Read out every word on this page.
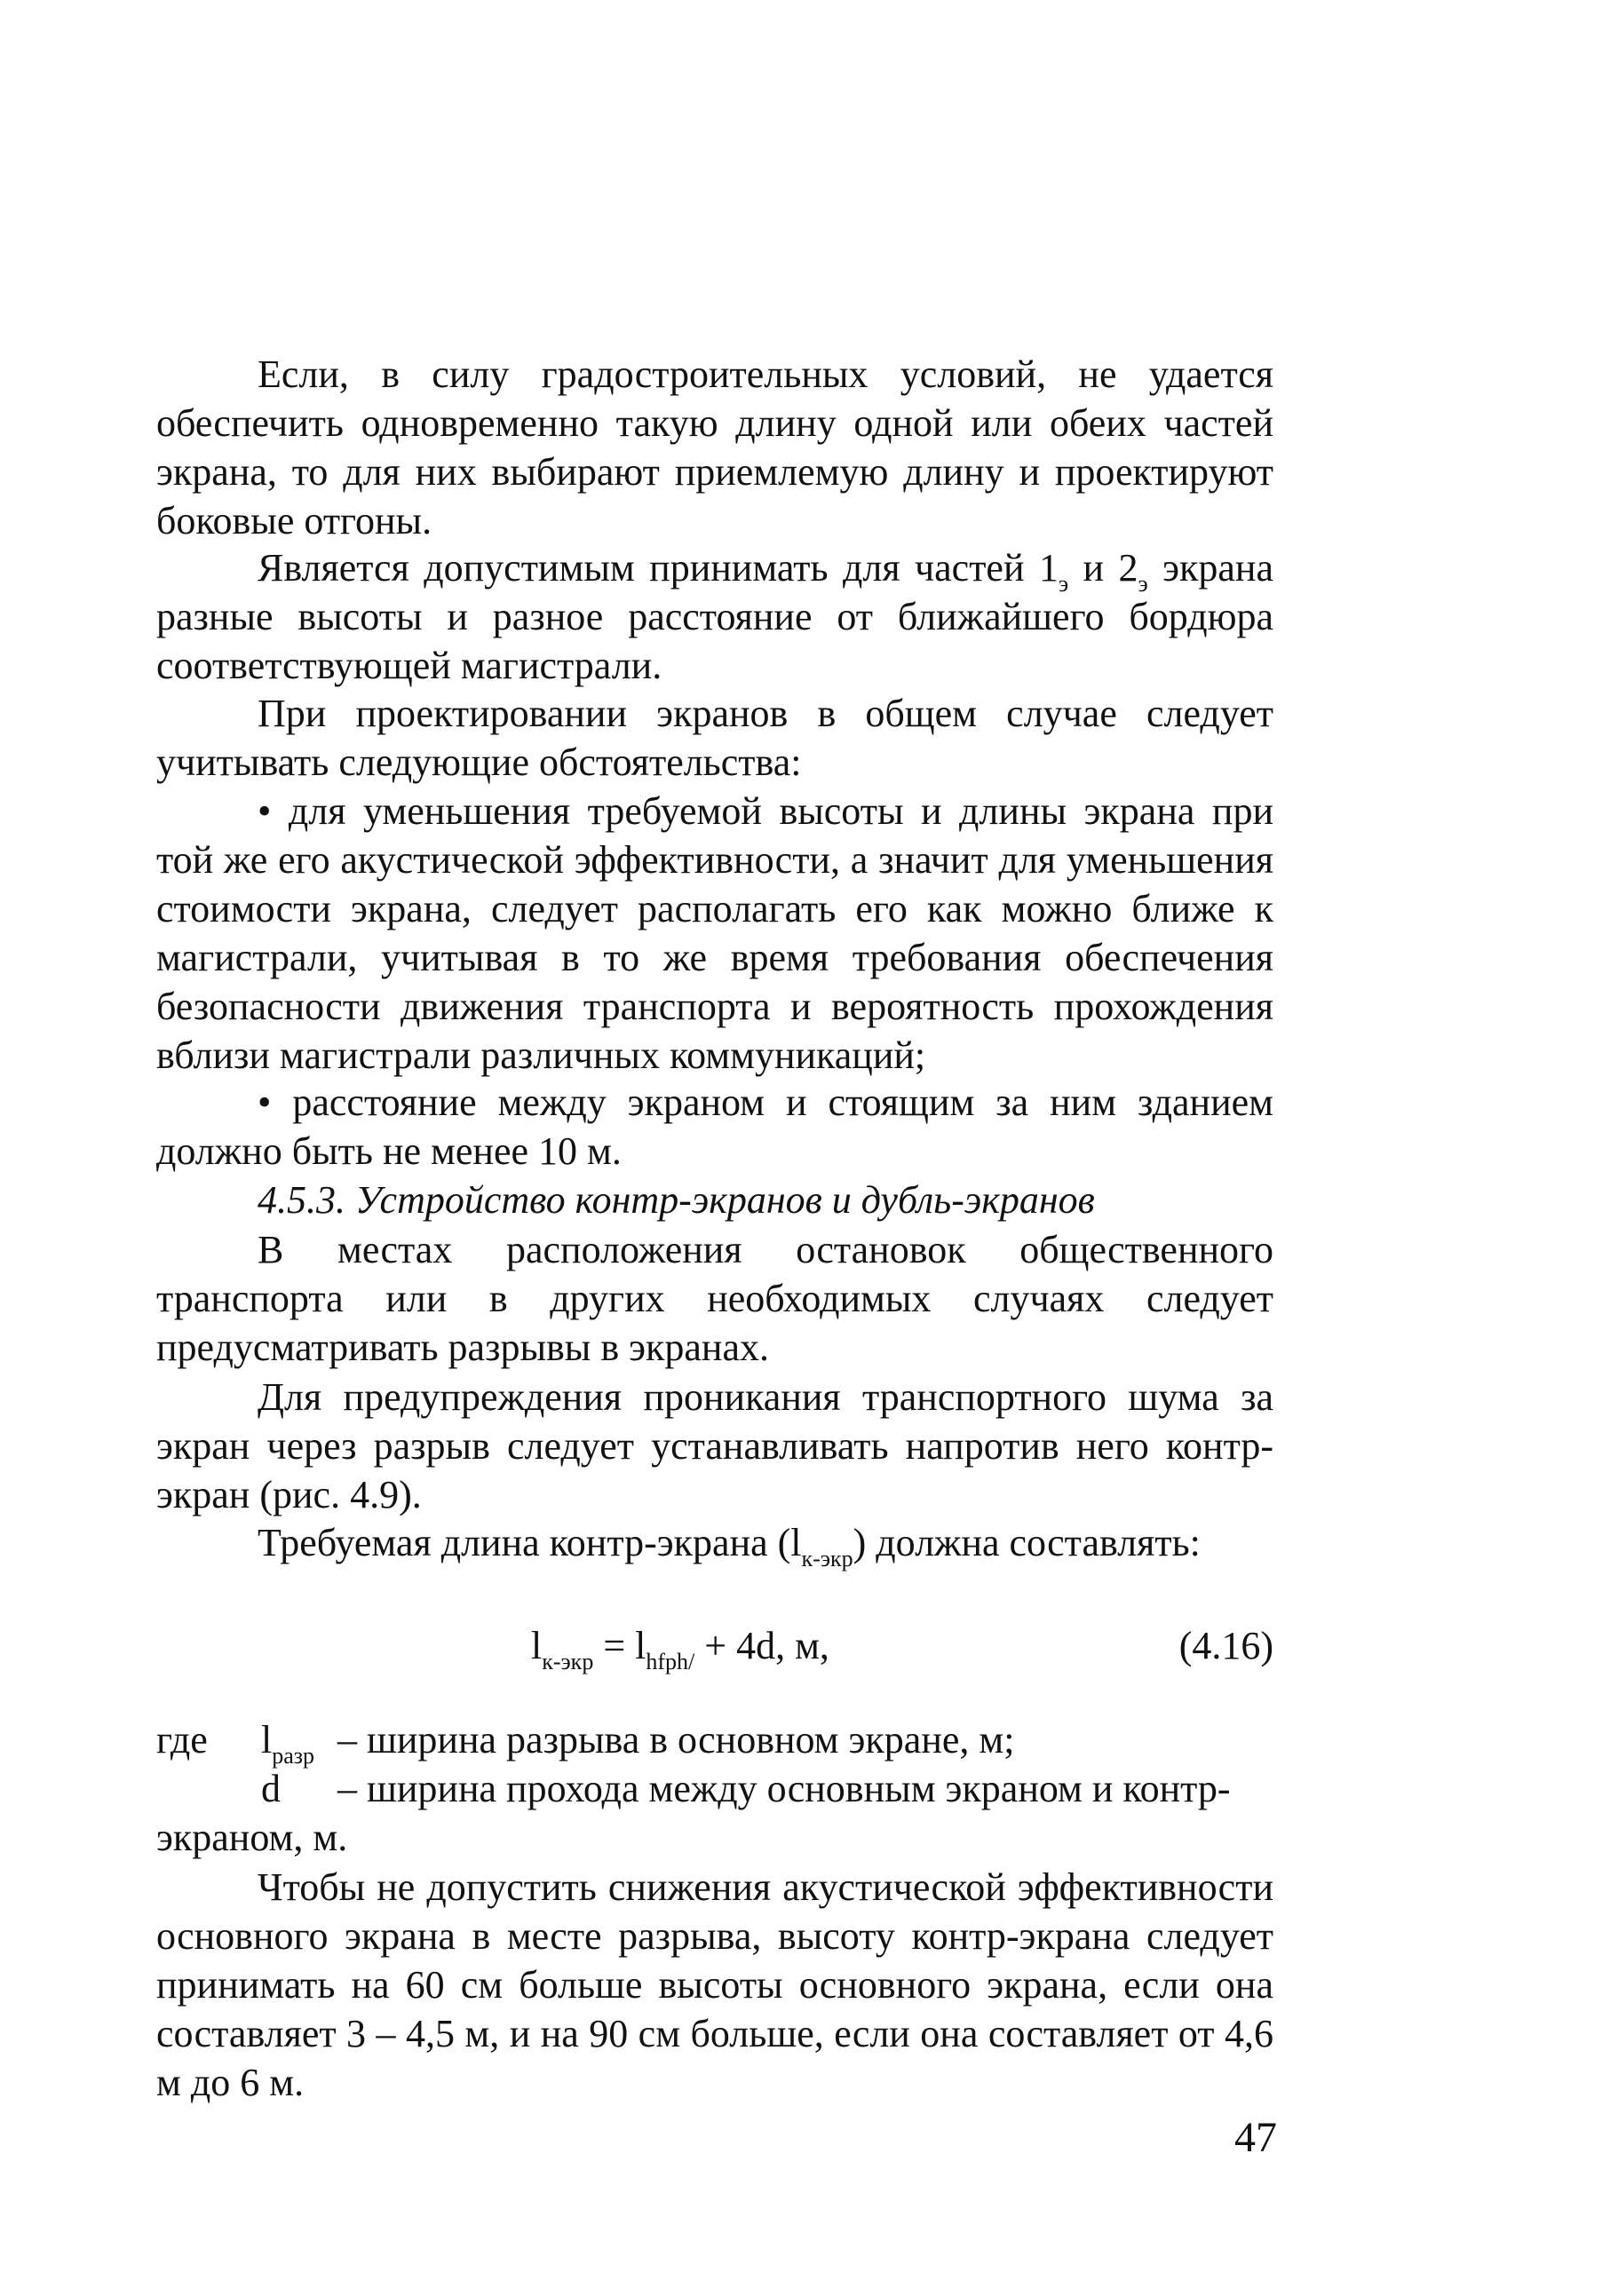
Если, в силу градостроительных условий, не удается обеспечить одновременно такую длину одной или обеих частей экрана, то для них выбирают приемлемую длину и проектируют боковые отгоны.

Является допустимым принимать для частей $1_э$ и $2_э$ экрана разные высоты и разное расстояние от ближайшего бордюра соответствующей магистрали.

При проектировании экранов в общем случае следует учитывать следующие обстоятельства:

• для уменьшения требуемой высоты и длины экрана при той же его акустической эффективности, а значит для уменьшения стоимости экрана, следует располагать его как можно ближе к магистрали, учитывая в то же время требования обеспечения безопасности движения транспорта и вероятность прохождения вблизи магистрали различных коммуникаций;

• расстояние между экраном и стоящим за ним зданием должно быть не менее 10 м.

4.5.3. Устройство контр-экранов и дубль-экранов

В местах расположения остановок общественного транспорта или в других необходимых случаях следует предусматривать разрывы в экранах.

Для предупреждения проникания транспортного шума за экран через разрыв следует устанавливать напротив него контр-экран (рис. 4.9).

Требуемая длина контр-экрана $(l_{к-экр})$ должна составлять:

$l_{к-экр} = l_{hfph/} + 4d$, м,	(4.16)
где $l_{разр}$ – ширина разрыва в основном экране, м;
d – ширина прохода между основным экраном и контр-
экраном, м.

Чтобы не допустить снижения акустической эффективности основного экрана в месте разрыва, высоту контр-экрана следует принимать на 60 см больше высоты основного экрана, если она составляет 3 – 4,5 м, и на 90 см больше, если она составляет от 4,6 м до 6 м.

47
